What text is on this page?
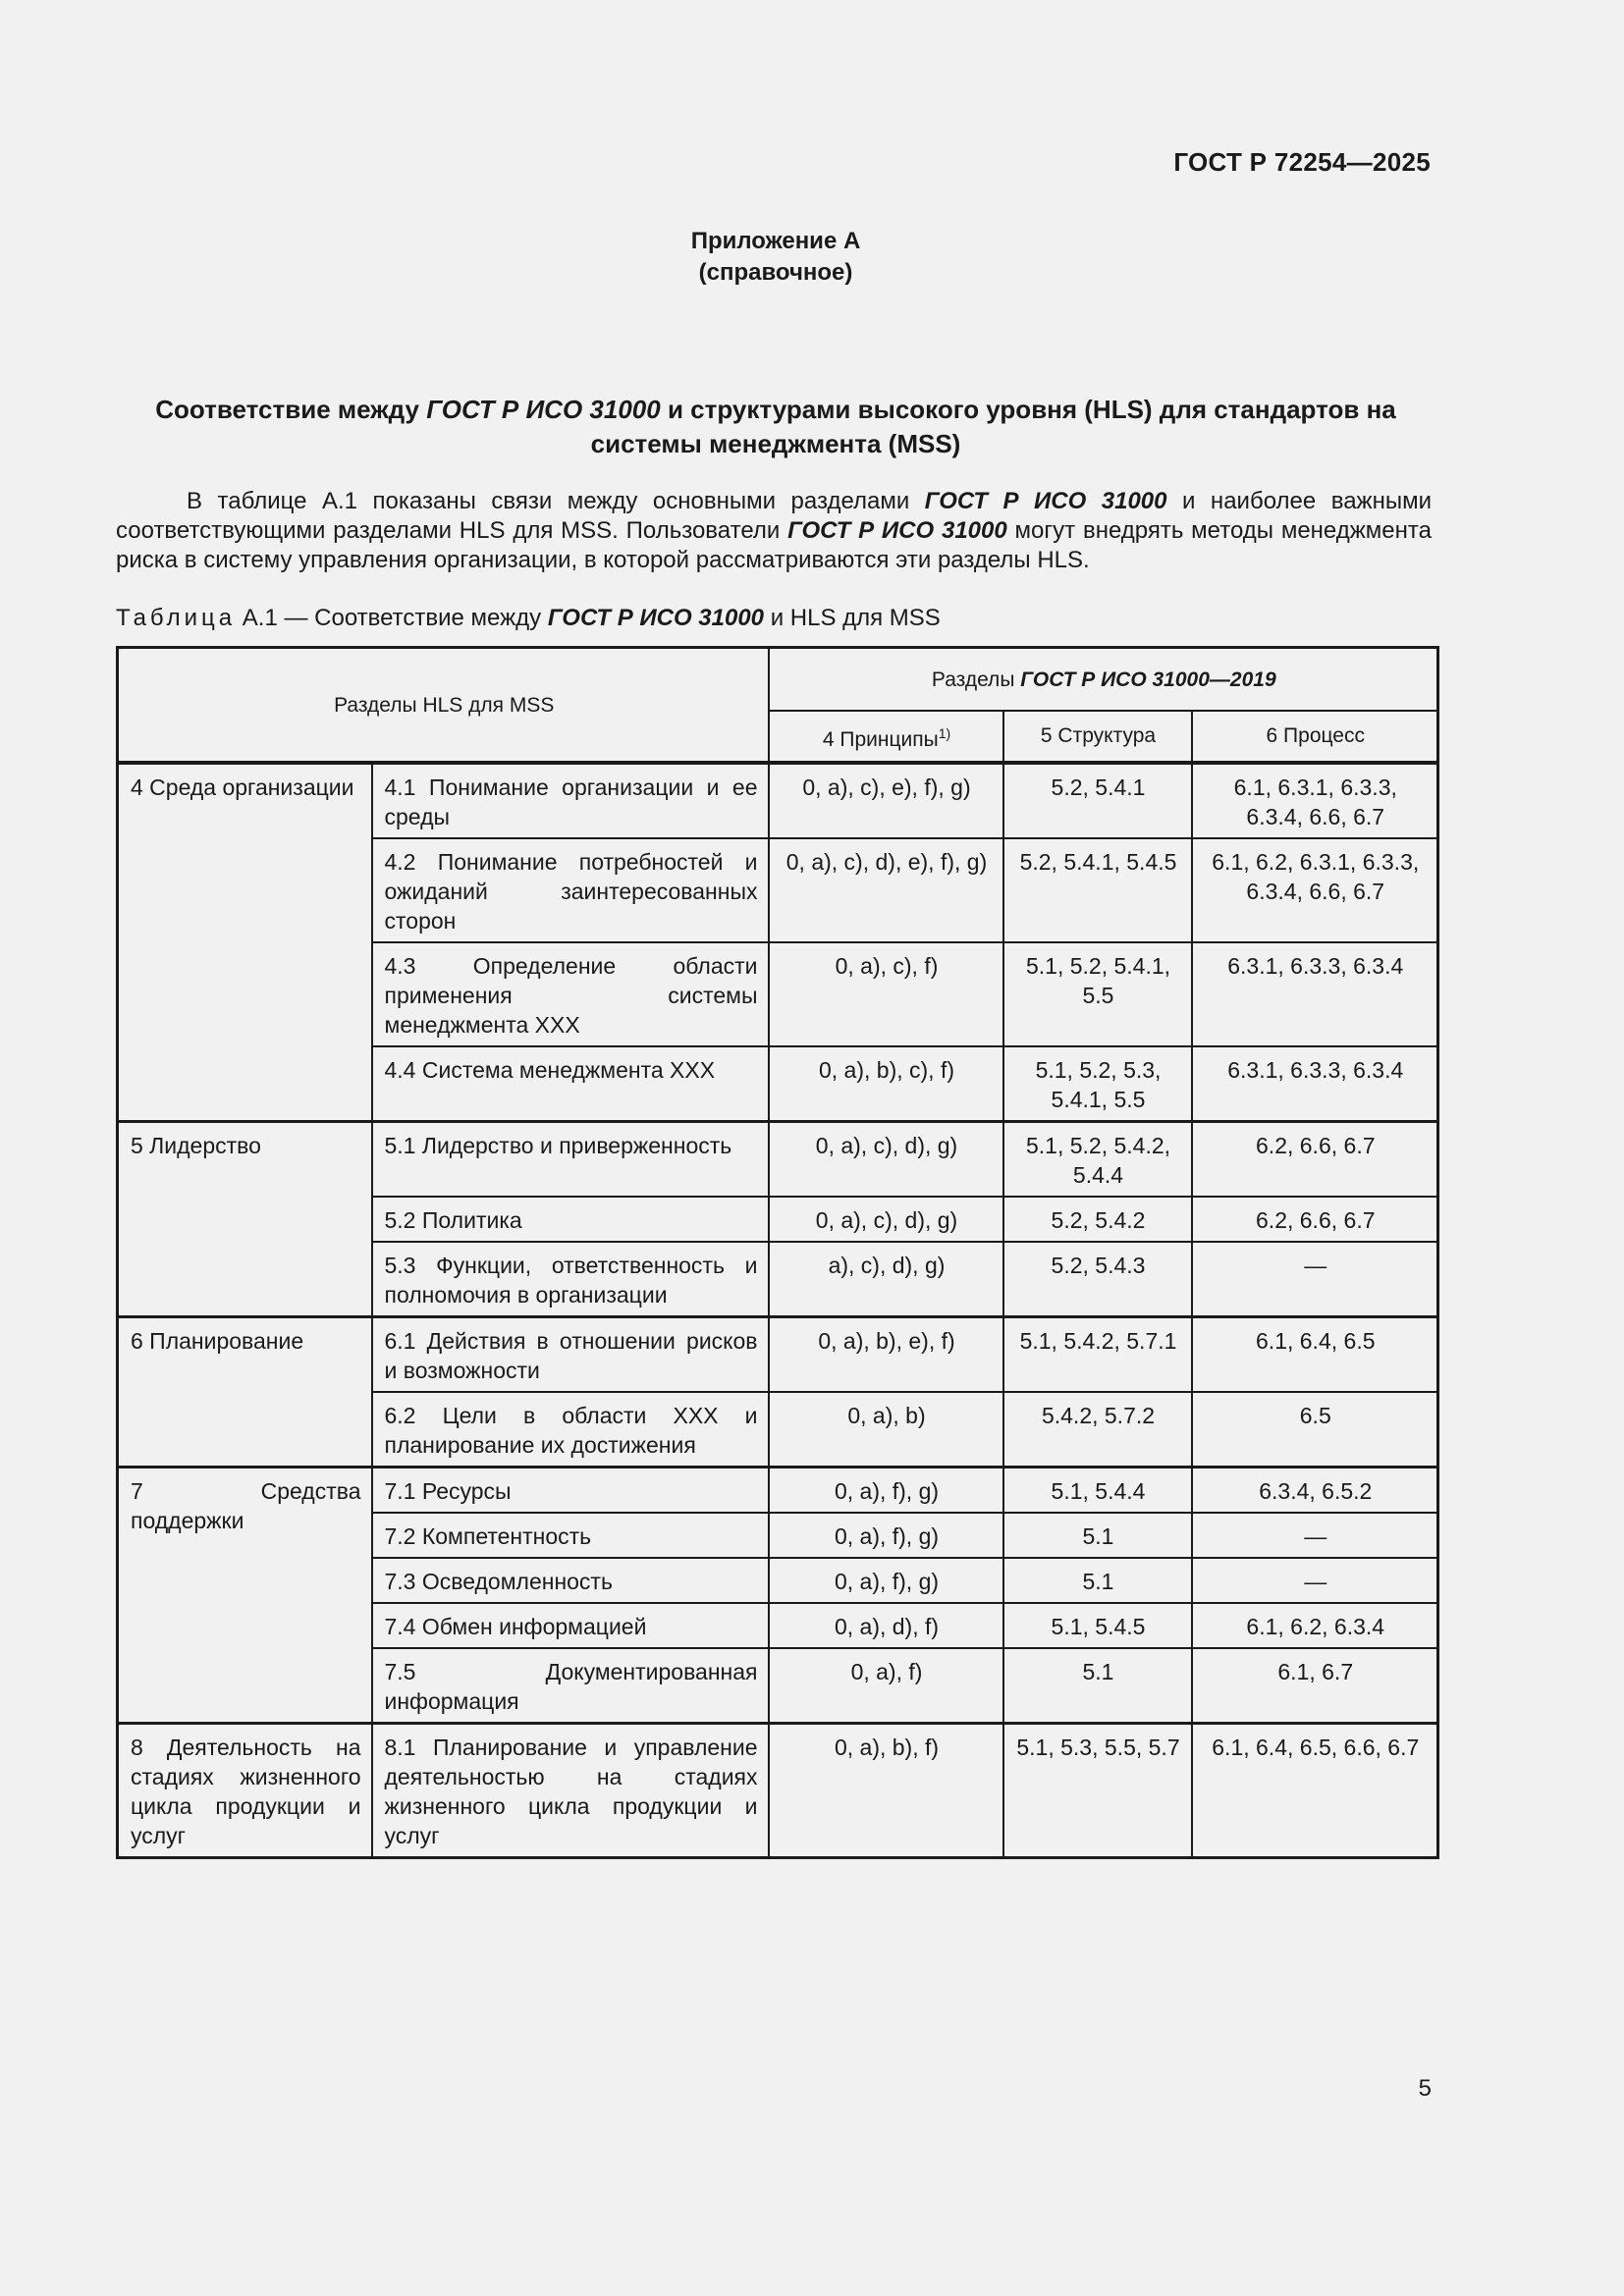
ГОСТ Р 72254—2025
Приложение А
(справочное)
Соответствие между ГОСТ Р ИСО 31000 и структурами высокого уровня (HLS) для стандартов на системы менеджмента (MSS)

В таблице А.1 показаны связи между основными разделами ГОСТ Р ИСО 31000 и наиболее важными соответствующими разделами HLS для MSS. Пользователи ГОСТ Р ИСО 31000 могут внедрять методы менеджмента риска в систему управления организации, в которой рассматриваются эти разделы HLS.

Таблица А.1 — Соответствие между ГОСТ Р ИСО 31000 и HLS для MSS
Разделы HLS для MSS		Разделы ГОСТ Р ИСО 31000—2019		
		4 Принципы$^{1)}$	5 Структура	6 Процесс
4 Среда организации	4.1 Понимание организации и ее среды	0, а), с), е), f), g)	5.2, 5.4.1	6.1, 6.3.1, 6.3.3, 6.3.4, 6.6, 6.7
	4.2 Понимание потребностей и ожиданий заинтересованных сторон	0, а), с), d), е), f), g)	5.2, 5.4.1, 5.4.5	6.1, 6.2, 6.3.1, 6.3.3, 6.3.4, 6.6, 6.7
	4.3 Определение области применения системы менеджмента XXX	0, а), с), f)	5.1, 5.2, 5.4.1, 5.5	6.3.1, 6.3.3, 6.3.4
	4.4 Система менеджмента XXX	0, а), b), с), f)	5.1, 5.2, 5.3, 5.4.1, 5.5	6.3.1, 6.3.3, 6.3.4
5 Лидерство	5.1 Лидерство и приверженность	0, а), с), d), g)	5.1, 5.2, 5.4.2, 5.4.4	6.2, 6.6, 6.7
	5.2 Политика	0, а), с), d), g)	5.2, 5.4.2	6.2, 6.6, 6.7
	5.3 Функции, ответственность и полномочия в организации	а), с), d), g)	5.2, 5.4.3	—
6 Планирование	6.1 Действия в отношении рисков и возможности	0, а), b), е), f)	5.1, 5.4.2, 5.7.1	6.1, 6.4, 6.5
	6.2 Цели в области XXX и планирование их достижения	0, а), b)	5.4.2, 5.7.2	6.5
7 Средства поддержки	7.1 Ресурсы	0, а), f), g)	5.1, 5.4.4	6.3.4, 6.5.2
	7.2 Компетентность	0, а), f), g)	5.1	—
	7.3 Осведомленность	0, а), f), g)	5.1	—
	7.4 Обмен информацией	0, а), d), f)	5.1, 5.4.5	6.1, 6.2, 6.3.4
	7.5 Документированная информация	0, а), f)	5.1	6.1, 6.7
8 Деятельность на стадиях жизненного цикла продукции и услуг	8.1 Планирование и управление деятельностью на стадиях жизненного цикла продукции и услуг	0, а), b), f)	5.1, 5.3, 5.5, 5.7	6.1, 6.4, 6.5, 6.6, 6.7
5
